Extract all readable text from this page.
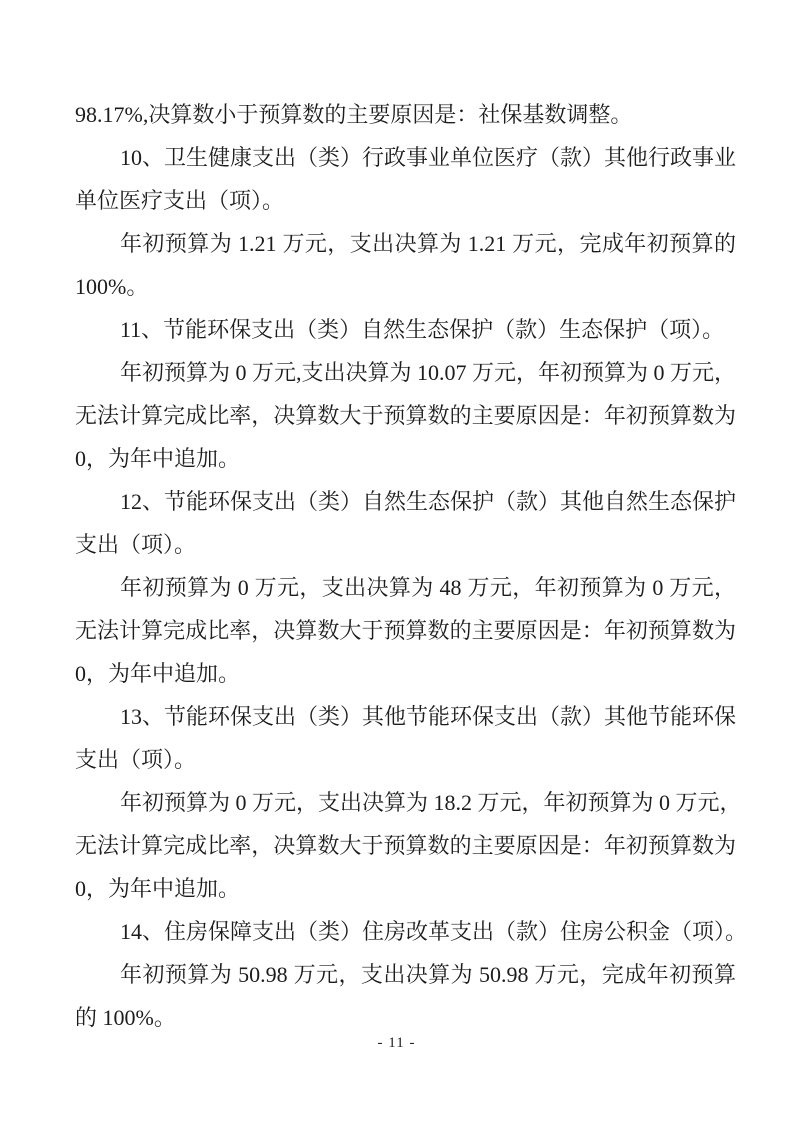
98.17%,决算数小于预算数的主要原因是：社保基数调整。
10、卫生健康支出（类）行政事业单位医疗（款）其他行政事业
单位医疗支出（项）。
年初预算为 1.21 万元，支出决算为 1.21 万元，完成年初预算的
100%。
11、节能环保支出（类）自然生态保护（款）生态保护（项）。
年初预算为 0 万元,支出决算为 10.07 万元，年初预算为 0 万元，
无法计算完成比率，决算数大于预算数的主要原因是：年初预算数为
0，为年中追加。
12、节能环保支出（类）自然生态保护（款）其他自然生态保护
支出（项）。
年初预算为 0 万元，支出决算为 48 万元，年初预算为 0 万元，
无法计算完成比率，决算数大于预算数的主要原因是：年初预算数为
0，为年中追加。
13、节能环保支出（类）其他节能环保支出（款）其他节能环保
支出（项）。
年初预算为 0 万元，支出决算为 18.2 万元，年初预算为 0 万元，
无法计算完成比率，决算数大于预算数的主要原因是：年初预算数为
0，为年中追加。
14、住房保障支出（类）住房改革支出（款）住房公积金（项）。
年初预算为 50.98 万元，支出决算为 50.98 万元，完成年初预算
的 100%。
- 11 -
